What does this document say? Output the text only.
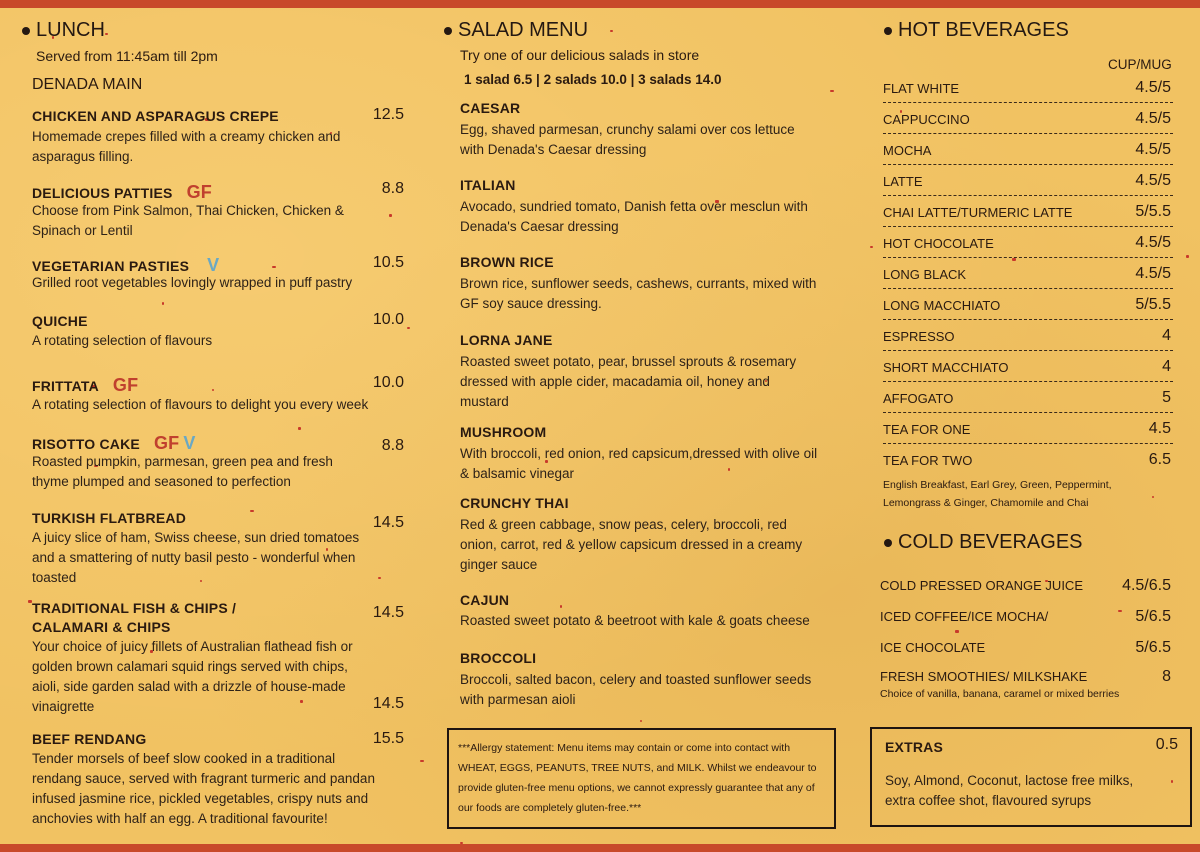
LUNCH
Served from 11:45am till 2pm
DENADA MAIN
CHICKEN AND ASPARAGUS CREPE	12.5
Homemade crepes filled with a creamy chicken and asparagus filling.
DELICIOUS PATTIES GF	8.8
Choose from Pink Salmon, Thai Chicken, Chicken & Spinach or Lentil
VEGETARIAN PASTIES V	10.5
Grilled root vegetables lovingly wrapped in puff pastry
QUICHE	10.0
A rotating selection of flavours
FRITTATA GF	10.0
A rotating selection of flavours to delight you every week
RISOTTO CAKE GF V	8.8
Roasted pumpkin, parmesan, green pea and fresh thyme plumped and seasoned to perfection
TURKISH FLATBREAD	14.5
A juicy slice of ham, Swiss cheese, sun dried tomatoes and a smattering of nutty basil pesto - wonderful when toasted
TRADITIONAL FISH & CHIPS /
CALAMARI & CHIPS
14.5
Your choice of juicy fillets of Australian flathead fish or golden brown calamari squid rings served with chips, aioli, side garden salad with a drizzle of house-made vinaigrette	14.5
BEEF RENDANG	15.5
Tender morsels of beef slow cooked in a traditional rendang sauce, served with fragrant turmeric and pandan infused jasmine rice, pickled vegetables, crispy nuts and anchovies with half an egg. A traditional favourite!
SALAD MENU
Try one of our delicious salads in store
1 salad 6.5 | 2 salads 10.0 | 3 salads 14.0
CAESAR
Egg, shaved parmesan, crunchy salami over cos lettuce with Denada's Caesar dressing
ITALIAN
Avocado, sundried tomato, Danish fetta over mesclun with Denada's Caesar dressing
BROWN RICE
Brown rice, sunflower seeds, cashews, currants, mixed with GF soy sauce dressing.
LORNA JANE
Roasted sweet potato, pear, brussel sprouts & rosemary dressed with apple cider, macadamia oil, honey and mustard
MUSHROOM
With broccoli, red onion, red capsicum,dressed with olive oil & balsamic vinegar
CRUNCHY THAI
Red & green cabbage, snow peas, celery, broccoli, red onion, carrot, red & yellow capsicum dressed in a creamy ginger sauce
CAJUN
Roasted sweet potato & beetroot with kale & goats cheese
BROCCOLI
Broccoli, salted bacon, celery and toasted sunflower seeds with parmesan aioli
***Allergy statement: Menu items may contain or come into contact with WHEAT, EGGS, PEANUTS, TREE NUTS, and MILK. Whilst we endeavour to provide gluten-free menu options, we cannot expressly guarantee that any of our foods are completely gluten-free.***
HOT BEVERAGES
CUP/MUG
FLAT WHITE	4.5/5
CAPPUCCINO	4.5/5
MOCHA	4.5/5
LATTE	4.5/5
CHAI LATTE/TURMERIC LATTE	5/5.5
HOT CHOCOLATE	4.5/5
LONG BLACK	4.5/5
LONG MACCHIATO	5/5.5
ESPRESSO	4
SHORT MACCHIATO	4
AFFOGATO	5
TEA FOR ONE	4.5
TEA FOR TWO	6.5
English Breakfast, Earl Grey, Green, Peppermint, Lemongrass & Ginger, Chamomile and Chai
COLD BEVERAGES
COLD PRESSED ORANGE JUICE 4.5/6.5
ICED COFFEE/ICE MOCHA/	5/6.5
ICE CHOCOLATE	5/6.5
FRESH SMOOTHIES/ MILKSHAKE	8
Choice of vanilla, banana, caramel or mixed berries
EXTRAS	0.5
Soy, Almond, Coconut, lactose free milks, extra coffee shot, flavoured syrups
